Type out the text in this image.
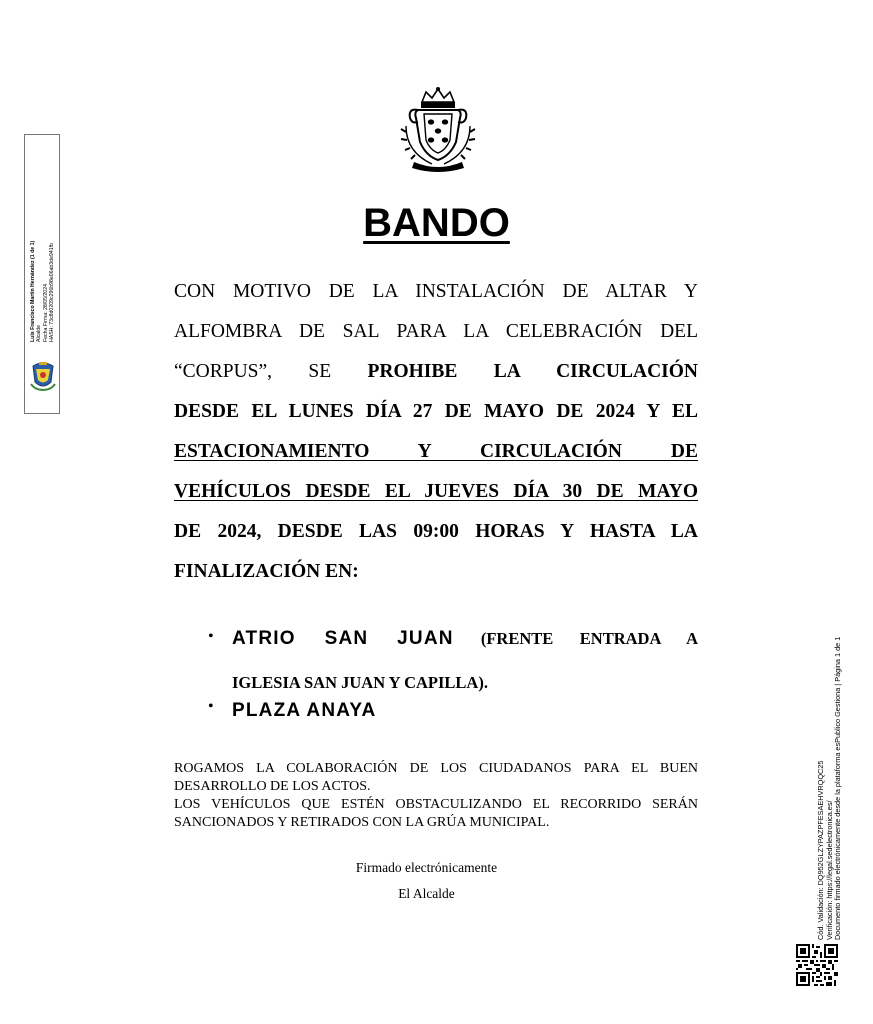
Luis Francisco Martín Hernández (1 de 1) Alcalde Fecha Firma: 28/05/2024 HASH: 73c8d0209c296b98e06ab3de941fb
BANDO
CON MOTIVO DE LA INSTALACIÓN DE ALTAR Y
ALFOMBRA DE SAL PARA LA CELEBRACIÓN DEL
“CORPUS”, SE PROHIBE LA CIRCULACIÓN
DESDE EL LUNES DÍA 27 DE MAYO DE 2024 Y EL
ESTACIONAMIENTO Y CIRCULACIÓN DE
VEHÍCULOS DESDE EL JUEVES DÍA 30 DE MAYO
DE 2024, DESDE LAS 09:00 HORAS Y HASTA LA
FINALIZACIÓN EN:
• ATRIO SAN JUAN (FRENTE ENTRADA A
IGLESIA SAN JUAN Y CAPILLA).
• PLAZA ANAYA
ROGAMOS LA COLABORACIÓN DE LOS CIUDADANOS PARA EL BUEN
DESARROLLO DE LOS ACTOS.
LOS VEHÍCULOS QUE ESTÉN OBSTACULIZANDO EL RECORRIDO SERÁN
SANCIONADOS Y RETIRADOS CON LA GRÚA MUNICIPAL.
Firmado electrónicamente
El Alcalde	Cód. Validación: DQ952GLZYPAZPFESAEHVRQQC25 Verificación: https://legal.sedelectronica.es/ Documento firmado electrónicamente desde la plataforma esPublico Gestiona | Página 1 de 1
